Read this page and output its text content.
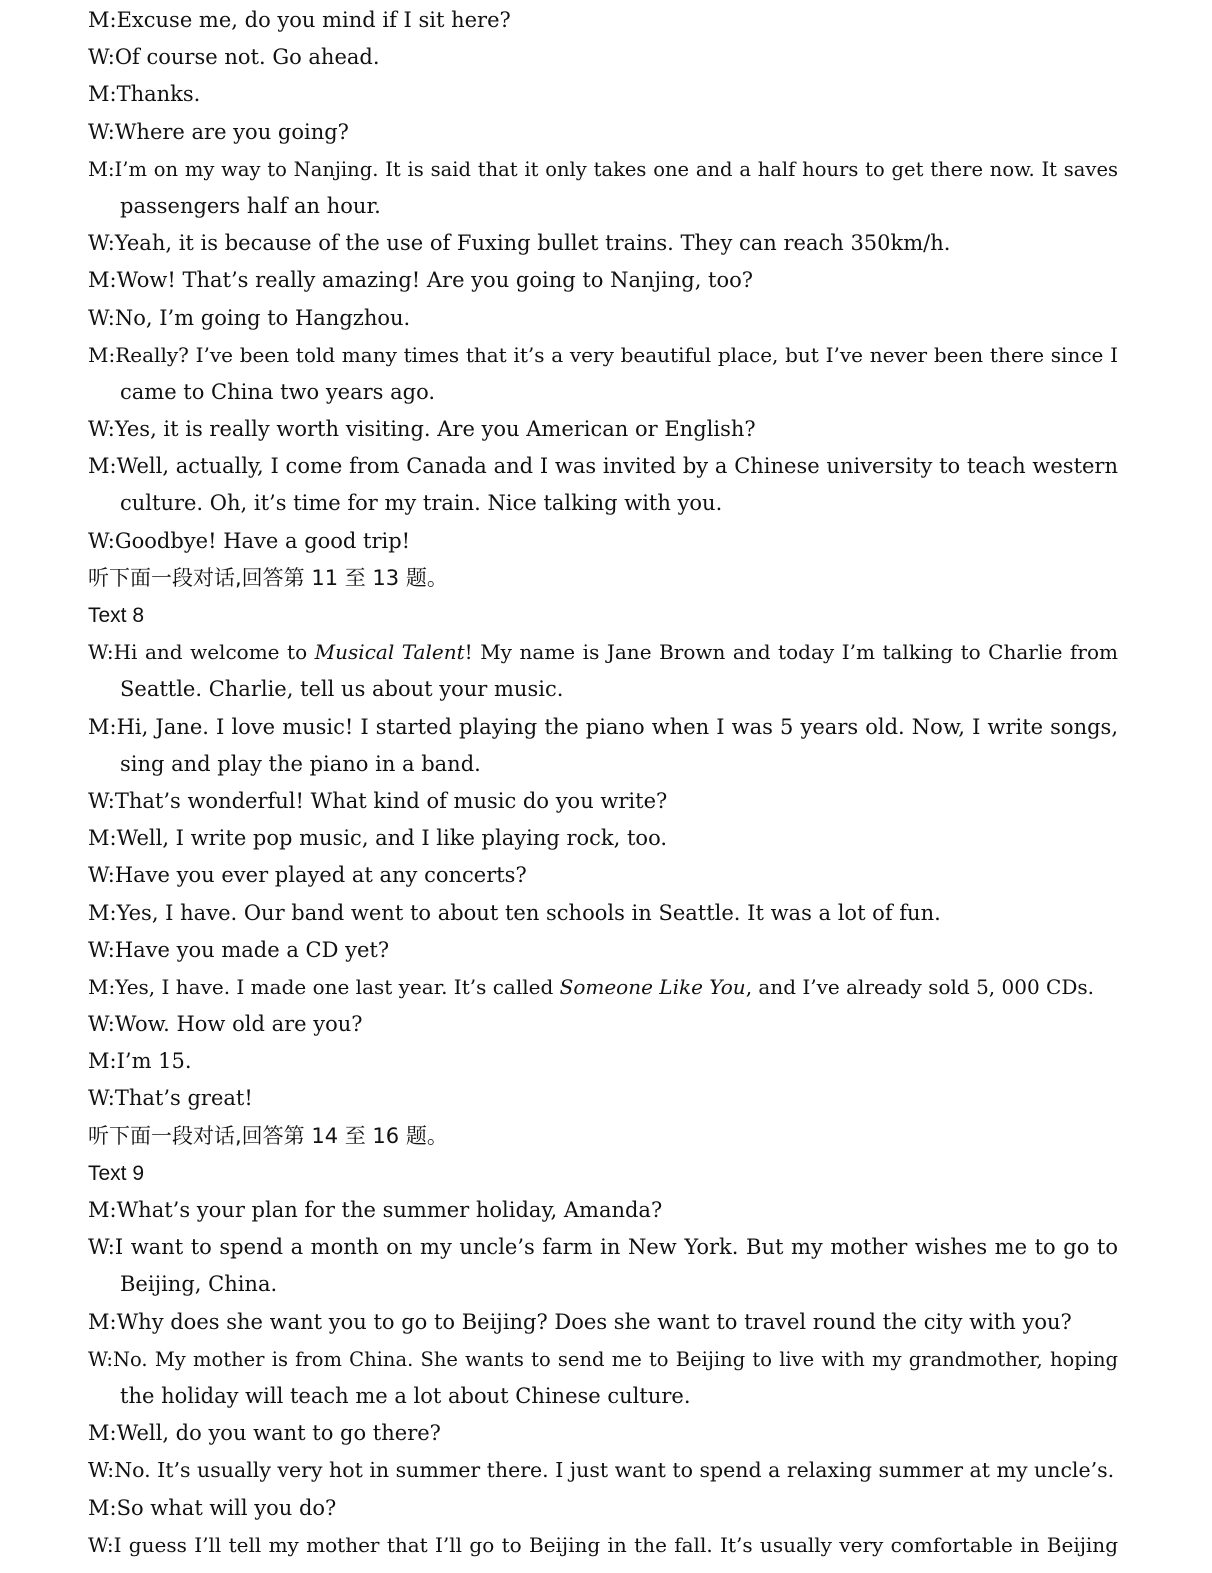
M:Excuse me, do you mind if I sit here?
W:Of course not. Go ahead.
M:Thanks.
W:Where are you going?
M:I’m on my way to Nanjing. It is said that it only takes one and a half hours to get there now. It saves
passengers half an hour.
W:Yeah, it is because of the use of Fuxing bullet trains. They can reach 350km/h.
M:Wow! That’s really amazing! Are you going to Nanjing, too?
W:No, I’m going to Hangzhou.
M:Really? I’ve been told many times that it’s a very beautiful place, but I’ve never been there since I
came to China two years ago.
W:Yes, it is really worth visiting. Are you American or English?
M:Well, actually, I come from Canada and I was invited by a Chinese university to teach western
culture. Oh, it’s time for my train. Nice talking with you.
W:Goodbye! Have a good trip!
听下面一段对话,回答第 11 至 13 题。
Text 8
W:Hi and welcome to Musical Talent! My name is Jane Brown and today I’m talking to Charlie from
Seattle. Charlie, tell us about your music.
M:Hi, Jane. I love music! I started playing the piano when I was 5 years old. Now, I write songs,
sing and play the piano in a band.
W:That’s wonderful! What kind of music do you write?
M:Well, I write pop music, and I like playing rock, too.
W:Have you ever played at any concerts?
M:Yes, I have. Our band went to about ten schools in Seattle. It was a lot of fun.
W:Have you made a CD yet?
M:Yes, I have. I made one last year. It’s called Someone Like You, and I’ve already sold 5, 000 CDs.
W:Wow. How old are you?
M:I’m 15.
W:That’s great!
听下面一段对话,回答第 14 至 16 题。
Text 9
M:What’s your plan for the summer holiday, Amanda?
W:I want to spend a month on my uncle’s farm in New York. But my mother wishes me to go to
Beijing, China.
M:Why does she want you to go to Beijing? Does she want to travel round the city with you?
W:No. My mother is from China. She wants to send me to Beijing to live with my grandmother, hoping
the holiday will teach me a lot about Chinese culture.
M:Well, do you want to go there?
W:No. It’s usually very hot in summer there. I just want to spend a relaxing summer at my uncle’s.
M:So what will you do?
W:I guess I’ll tell my mother that I’ll go to Beijing in the fall. It’s usually very comfortable in Beijing
